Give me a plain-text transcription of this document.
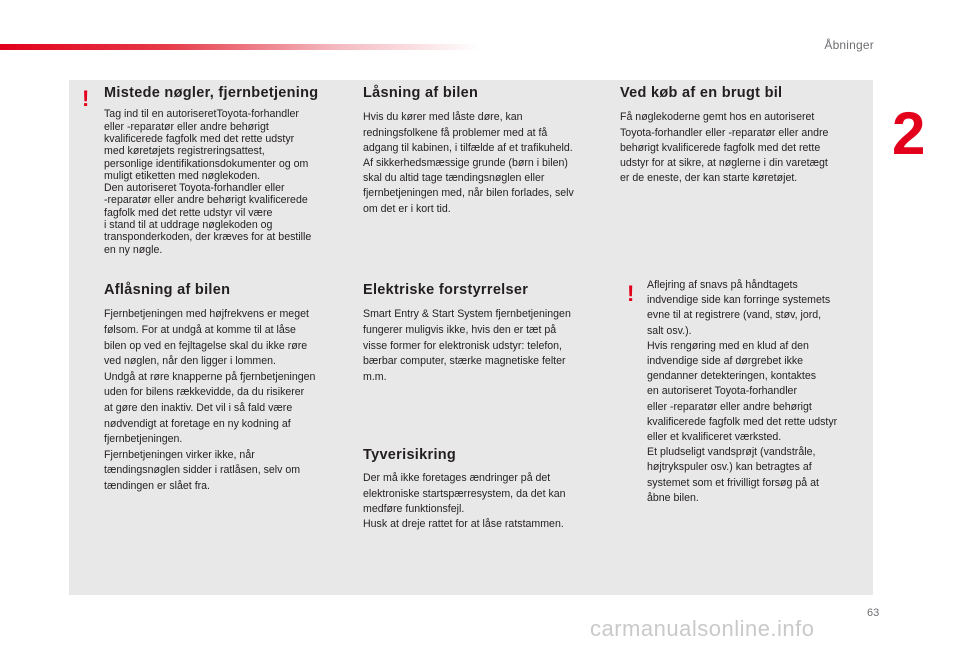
Åbninger
2
! Mistede nøgler, fjernbetjening

Tag ind til en autoriseretToyota-forhandler
eller -reparatør eller andre behørigt
kvalificerede fagfolk med det rette udstyr
med køretøjets registreringsattest,
personlige identifikationsdokumenter og om
muligt etiketten med nøglekoden.
Den autoriseret Toyota-forhandler eller
-reparatør eller andre behørigt kvalificerede
fagfolk med det rette udstyr vil være
i stand til at uddrage nøglekoden og
transponderkoden, der kræves for at bestille
en ny nøgle.

Aflåsning af bilen

Fjernbetjeningen med højfrekvens er meget
følsom. For at undgå at komme til at låse
bilen op ved en fejltagelse skal du ikke røre
ved nøglen, når den ligger i lommen.
Undgå at røre knapperne på fjernbetjeningen
uden for bilens rækkevidde, da du risikerer
at gøre den inaktiv. Det vil i så fald være
nødvendigt at foretage en ny kodning af
fjernbetjeningen.
Fjernbetjeningen virker ikke, når
tændingsnøglen sidder i ratlåsen, selv om
tændingen er slået fra.

Låsning af bilen

Hvis du kører med låste døre, kan
redningsfolkene få problemer med at få
adgang til kabinen, i tilfælde af et trafikuheld.
Af sikkerhedsmæssige grunde (børn i bilen)
skal du altid tage tændingsnøglen eller
fjernbetjeningen med, når bilen forlades, selv
om det er i kort tid.

Elektriske forstyrrelser

Smart Entry & Start System fjernbetjeningen
fungerer muligvis ikke, hvis den er tæt på
visse former for elektronisk udstyr: telefon,
bærbar computer, stærke magnetiske felter
m.m.

Tyverisikring

Der må ikke foretages ændringer på det
elektroniske startspærresystem, da det kan
medføre funktionsfejl.
Husk at dreje rattet for at låse ratstammen.

Ved køb af en brugt bil

Få nøglekoderne gemt hos en autoriseret
Toyota-forhandler eller -reparatør eller andre
behørigt kvalificerede fagfolk med det rette
udstyr for at sikre, at nøglerne i din varetægt
er de eneste, der kan starte køretøjet.

! Aflejring af snavs på håndtagets
indvendige side kan forringe systemets
evne til at registrere (vand, støv, jord,
salt osv.).
Hvis rengøring med en klud af den
indvendige side af dørgrebet ikke
gendanner detekteringen, kontaktes
en autoriseret Toyota-forhandler
eller -reparatør eller andre behørigt
kvalificerede fagfolk med det rette udstyr
eller et kvalificeret værksted.
Et pludseligt vandsprøjt (vandstråle,
højtrykspuler osv.) kan betragtes af
systemet som et frivilligt forsøg på at
åbne bilen.

63
carmanualsonline.info
